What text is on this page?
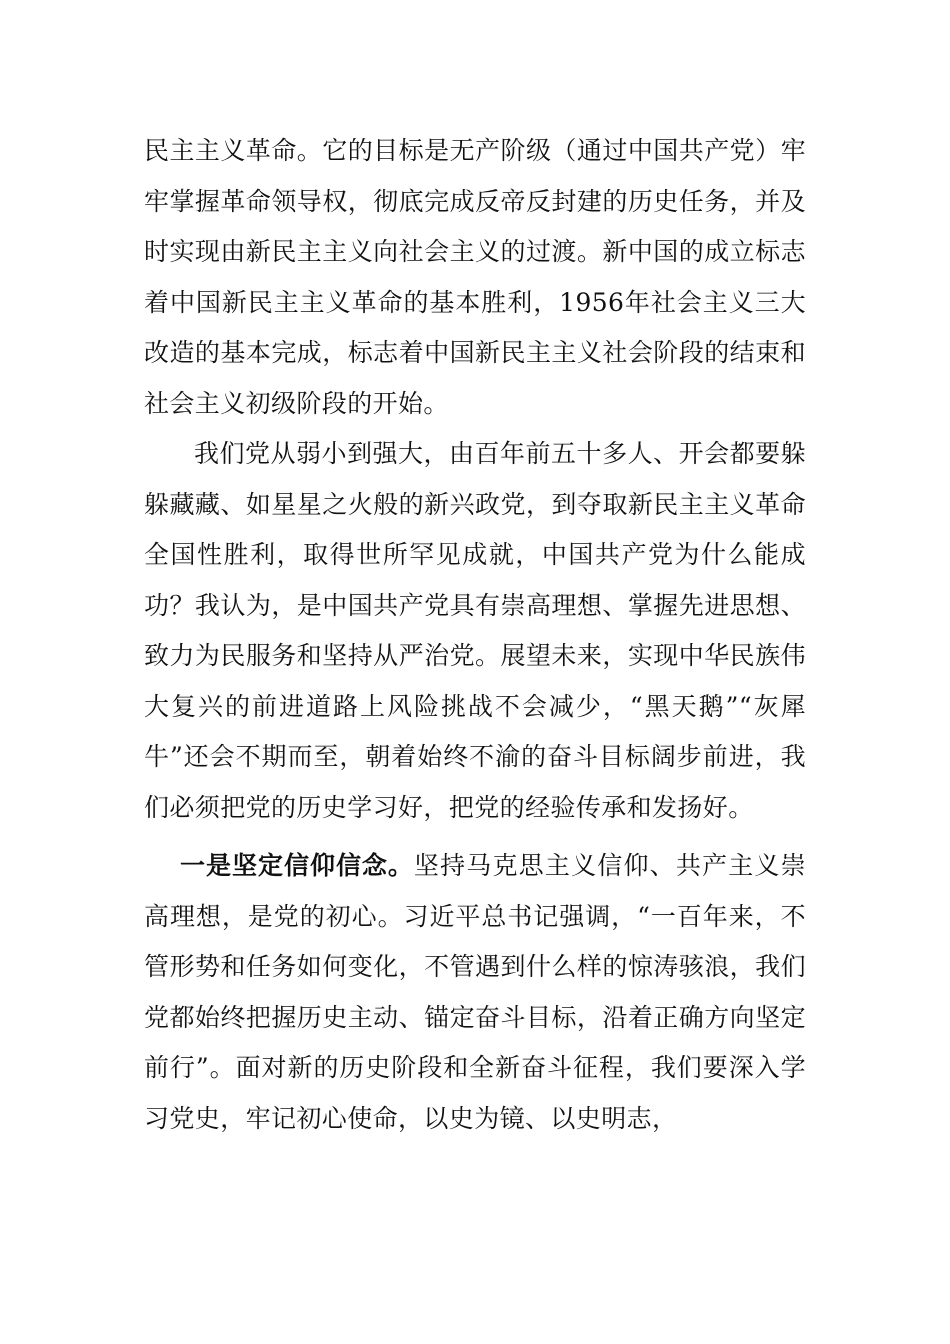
民主主义革命。它的目标是无产阶级（通过中国共产党）牢牢掌握革命领导权，彻底完成反帝反封建的历史任务，并及时实现由新民主主义向社会主义的过渡。新中国的成立标志着中国新民主主义革命的基本胜利，1956年社会主义三大改造的基本完成，标志着中国新民主主义社会阶段的结束和社会主义初级阶段的开始。

我们党从弱小到强大，由百年前五十多人、开会都要躲躲藏藏、如星星之火般的新兴政党，到夺取新民主主义革命全国性胜利，取得世所罕见成就，中国共产党为什么能成功？我认为，是中国共产党具有崇高理想、掌握先进思想、致力为民服务和坚持从严治党。展望未来，实现中华民族伟大复兴的前进道路上风险挑战不会减少，“黑天鹅”“灰犀牛”还会不期而至，朝着始终不渝的奋斗目标阔步前进，我们必须把党的历史学习好，把党的经验传承和发扬好。

一是坚定信仰信念。坚持马克思主义信仰、共产主义崇高理想，是党的初心。习近平总书记强调，“一百年来，不管形势和任务如何变化，不管遇到什么样的惊涛骇浪，我们党都始终把握历史主动、锚定奋斗目标，沿着正确方向坚定前行”。面对新的历史阶段和全新奋斗征程，我们要深入学习党史，牢记初心使命，以史为镜、以史明志，
